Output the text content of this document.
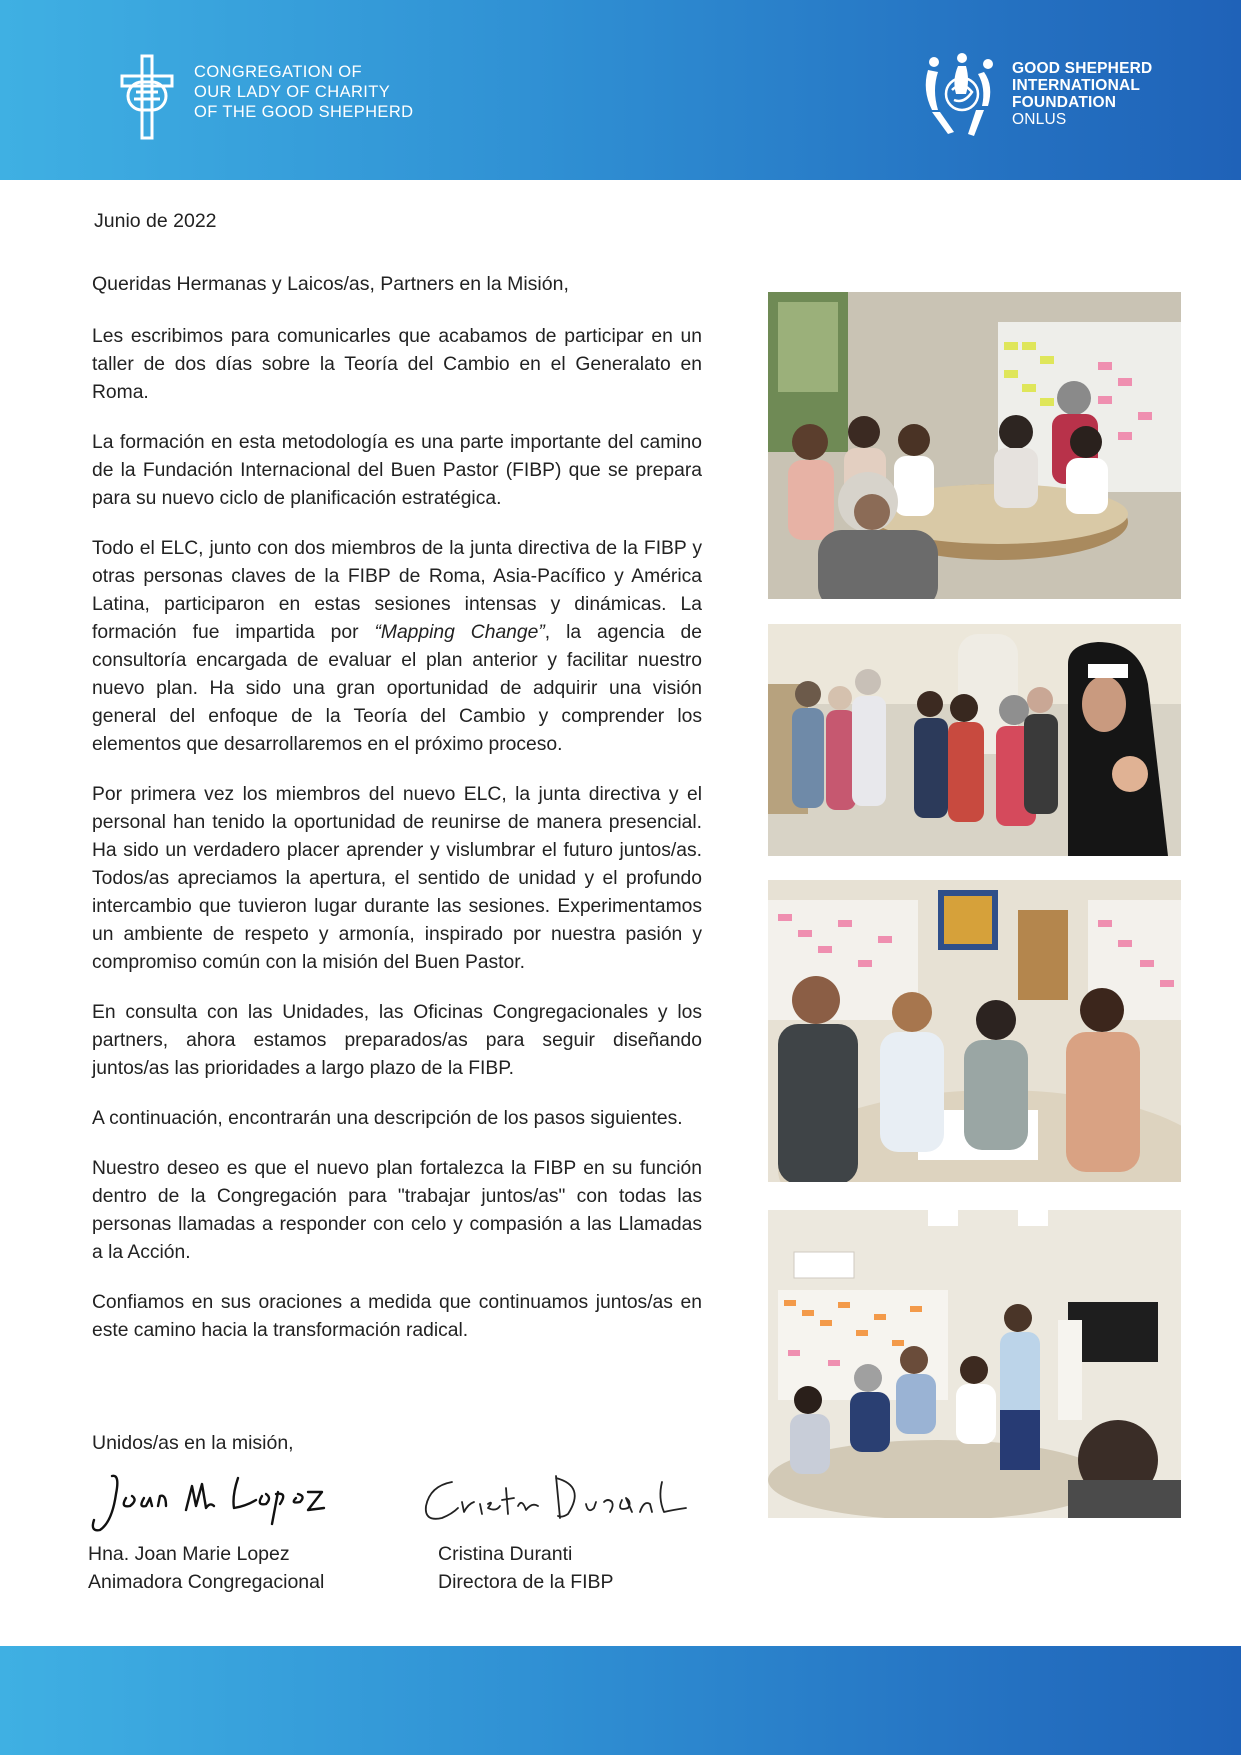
CONGREGATION OF
OUR LADY OF CHARITY
OF THE GOOD SHEPHERD
GOOD SHEPHERD
INTERNATIONAL
FOUNDATION
ONLUS
Junio de 2022
Queridas Hermanas y Laicos/as, Partners en la Misión,

Les escribimos para comunicarles que acabamos de participar en un taller de dos días sobre la Teoría del Cambio en el Generalato en Roma.

La formación en esta metodología es una parte importante del camino de la Fundación Internacional del Buen Pastor (FIBP) que se prepara para su nuevo ciclo de planificación estratégica.

Todo el ELC, junto con dos miembros de la junta directiva de la FIBP y otras personas claves de la FIBP de Roma, Asia-Pacífico y América Latina, participaron en estas sesiones intensas y dinámicas. La formación fue impartida por “Mapping Change”, la agencia de consultoría encargada de evaluar el plan anterior y facilitar nuestro nuevo plan. Ha sido una gran oportunidad de adquirir una visión general del enfoque de la Teoría del Cambio y comprender los elementos que desarrollaremos en el próximo proceso.

Por primera vez los miembros del nuevo ELC, la junta directiva y el personal han tenido la oportunidad de reunirse de manera presencial. Ha sido un verdadero placer aprender y vislumbrar el futuro juntos/as. Todos/as apreciamos la apertura, el sentido de unidad y el profundo intercambio que tuvieron lugar durante las sesiones. Experimentamos un ambiente de respeto y armonía, inspirado por nuestra pasión y compromiso común con la misión del Buen Pastor.

En consulta con las Unidades, las Oficinas Congregacionales y los partners, ahora estamos preparados/as para seguir diseñando juntos/as las prioridades a largo plazo de la FIBP.

A continuación, encontrarán una descripción de los pasos siguientes.

Nuestro deseo es que el nuevo plan fortalezca la FIBP en su función dentro de la Congregación para "trabajar juntos/as" con todas las personas llamadas a responder con celo y compasión a las Llamadas a la Acción.

Confiamos en sus oraciones a medida que continuamos juntos/as en este camino hacia la transformación radical.

Unidos/as en la misión,
Hna. Joan Marie Lopez
Animadora Congregacional
Cristina Duranti
Directora de la FIBP
